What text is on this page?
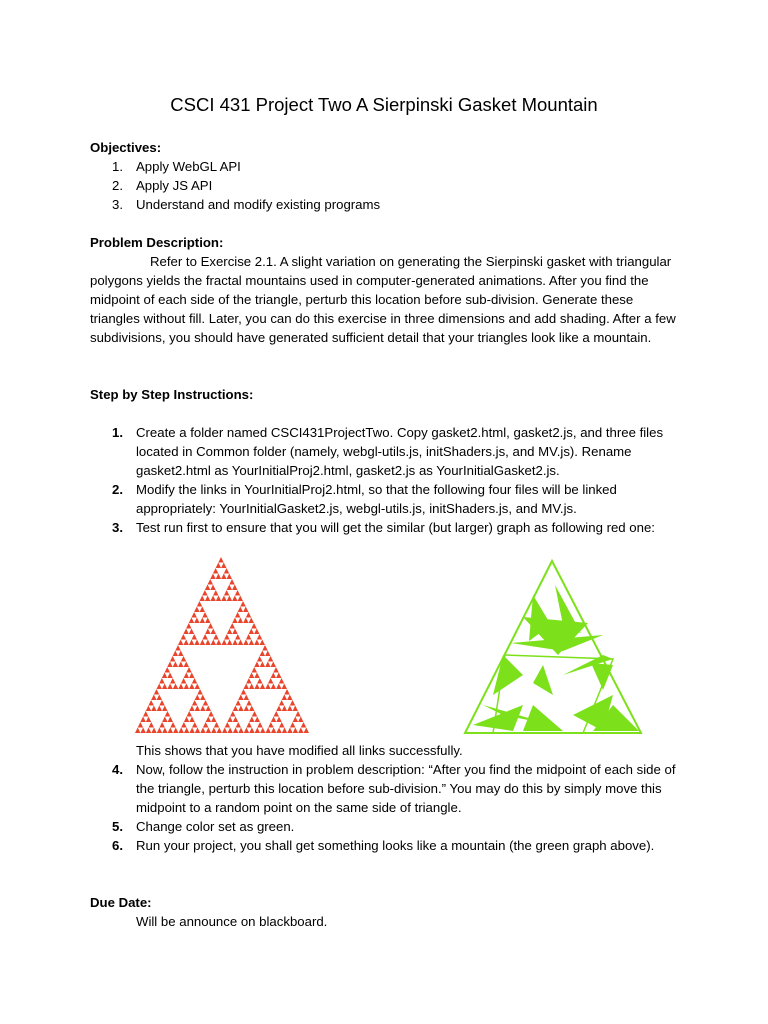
CSCI 431 Project Two A Sierpinski Gasket Mountain
Objectives:
1. Apply WebGL API
2. Apply JS API
3. Understand and modify existing programs
Problem Description:

Refer to Exercise 2.1. A slight variation on generating the Sierpinski gasket with triangular polygons yields the fractal mountains used in computer-generated animations. After you find the midpoint of each side of the triangle, perturb this location before sub-division. Generate these triangles without fill. Later, you can do this exercise in three dimensions and add shading. After a few subdivisions, you should have generated sufficient detail that your triangles look like a mountain.

Step by Step Instructions:
1. Create a folder named CSCI431ProjectTwo. Copy gasket2.html, gasket2.js, and three files located in Common folder (namely, webgl-utils.js, initShaders.js, and MV.js). Rename gasket2.html as YourInitialProj2.html, gasket2.js as YourInitialGasket2.js.
2. Modify the links in YourInitialProj2.html, so that the following four files will be linked appropriately: YourInitialGasket2.js, webgl-utils.js, initShaders.js, and MV.js.
3. Test run first to ensure that you will get the similar (but larger) graph as following red one:
This shows that you have modified all links successfully.
4. Now, follow the instruction in problem description: “After you find the midpoint of each side of the triangle, perturb this location before sub-division.” You may do this by simply move this midpoint to a random point on the same side of triangle.
5. Change color set as green.
6. Run your project, you shall get something looks like a mountain (the green graph above).
Due Date:
Will be announce on blackboard.
